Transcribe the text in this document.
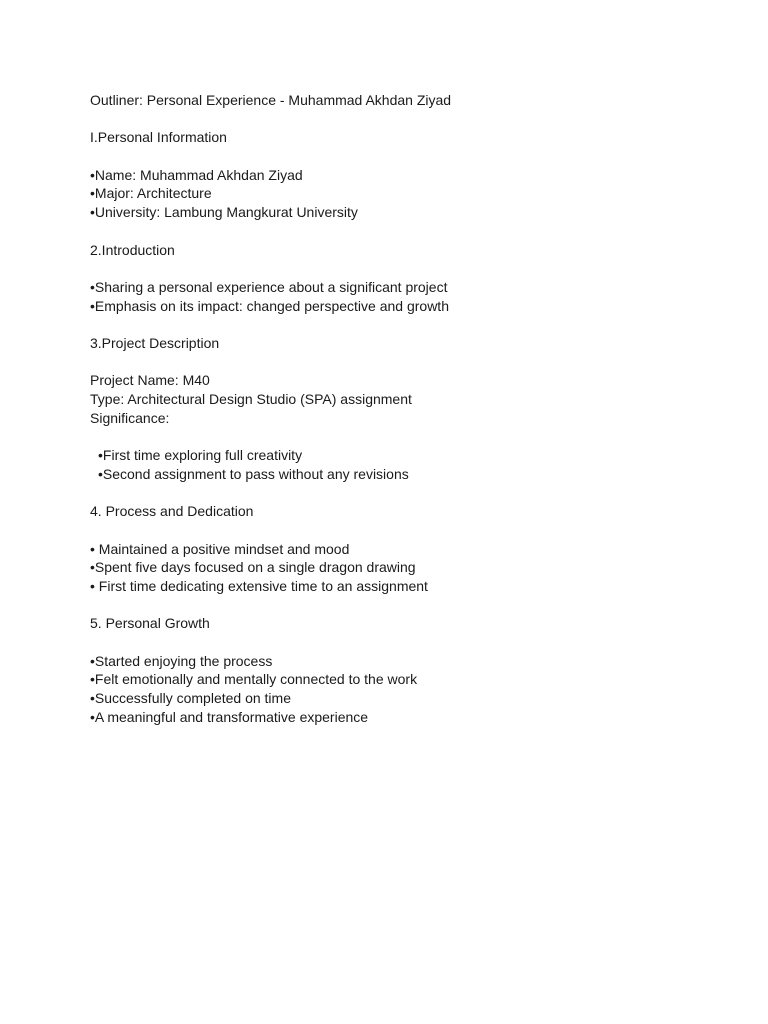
Outliner: Personal Experience - Muhammad Akhdan Ziyad
I.Personal Information
•Name: Muhammad Akhdan Ziyad
•Major: Architecture
•University: Lambung Mangkurat University
2.Introduction
•Sharing a personal experience about a significant project
•Emphasis on its impact: changed perspective and growth
3.Project Description
Project Name: M40
Type: Architectural Design Studio (SPA) assignment
Significance:
•First time exploring full creativity
•Second assignment to pass without any revisions
4. Process and Dedication
• Maintained a positive mindset and mood
•Spent five days focused on a single dragon drawing
• First time dedicating extensive time to an assignment
5. Personal Growth
•Started enjoying the process
•Felt emotionally and mentally connected to the work
•Successfully completed on time
•A meaningful and transformative experience
